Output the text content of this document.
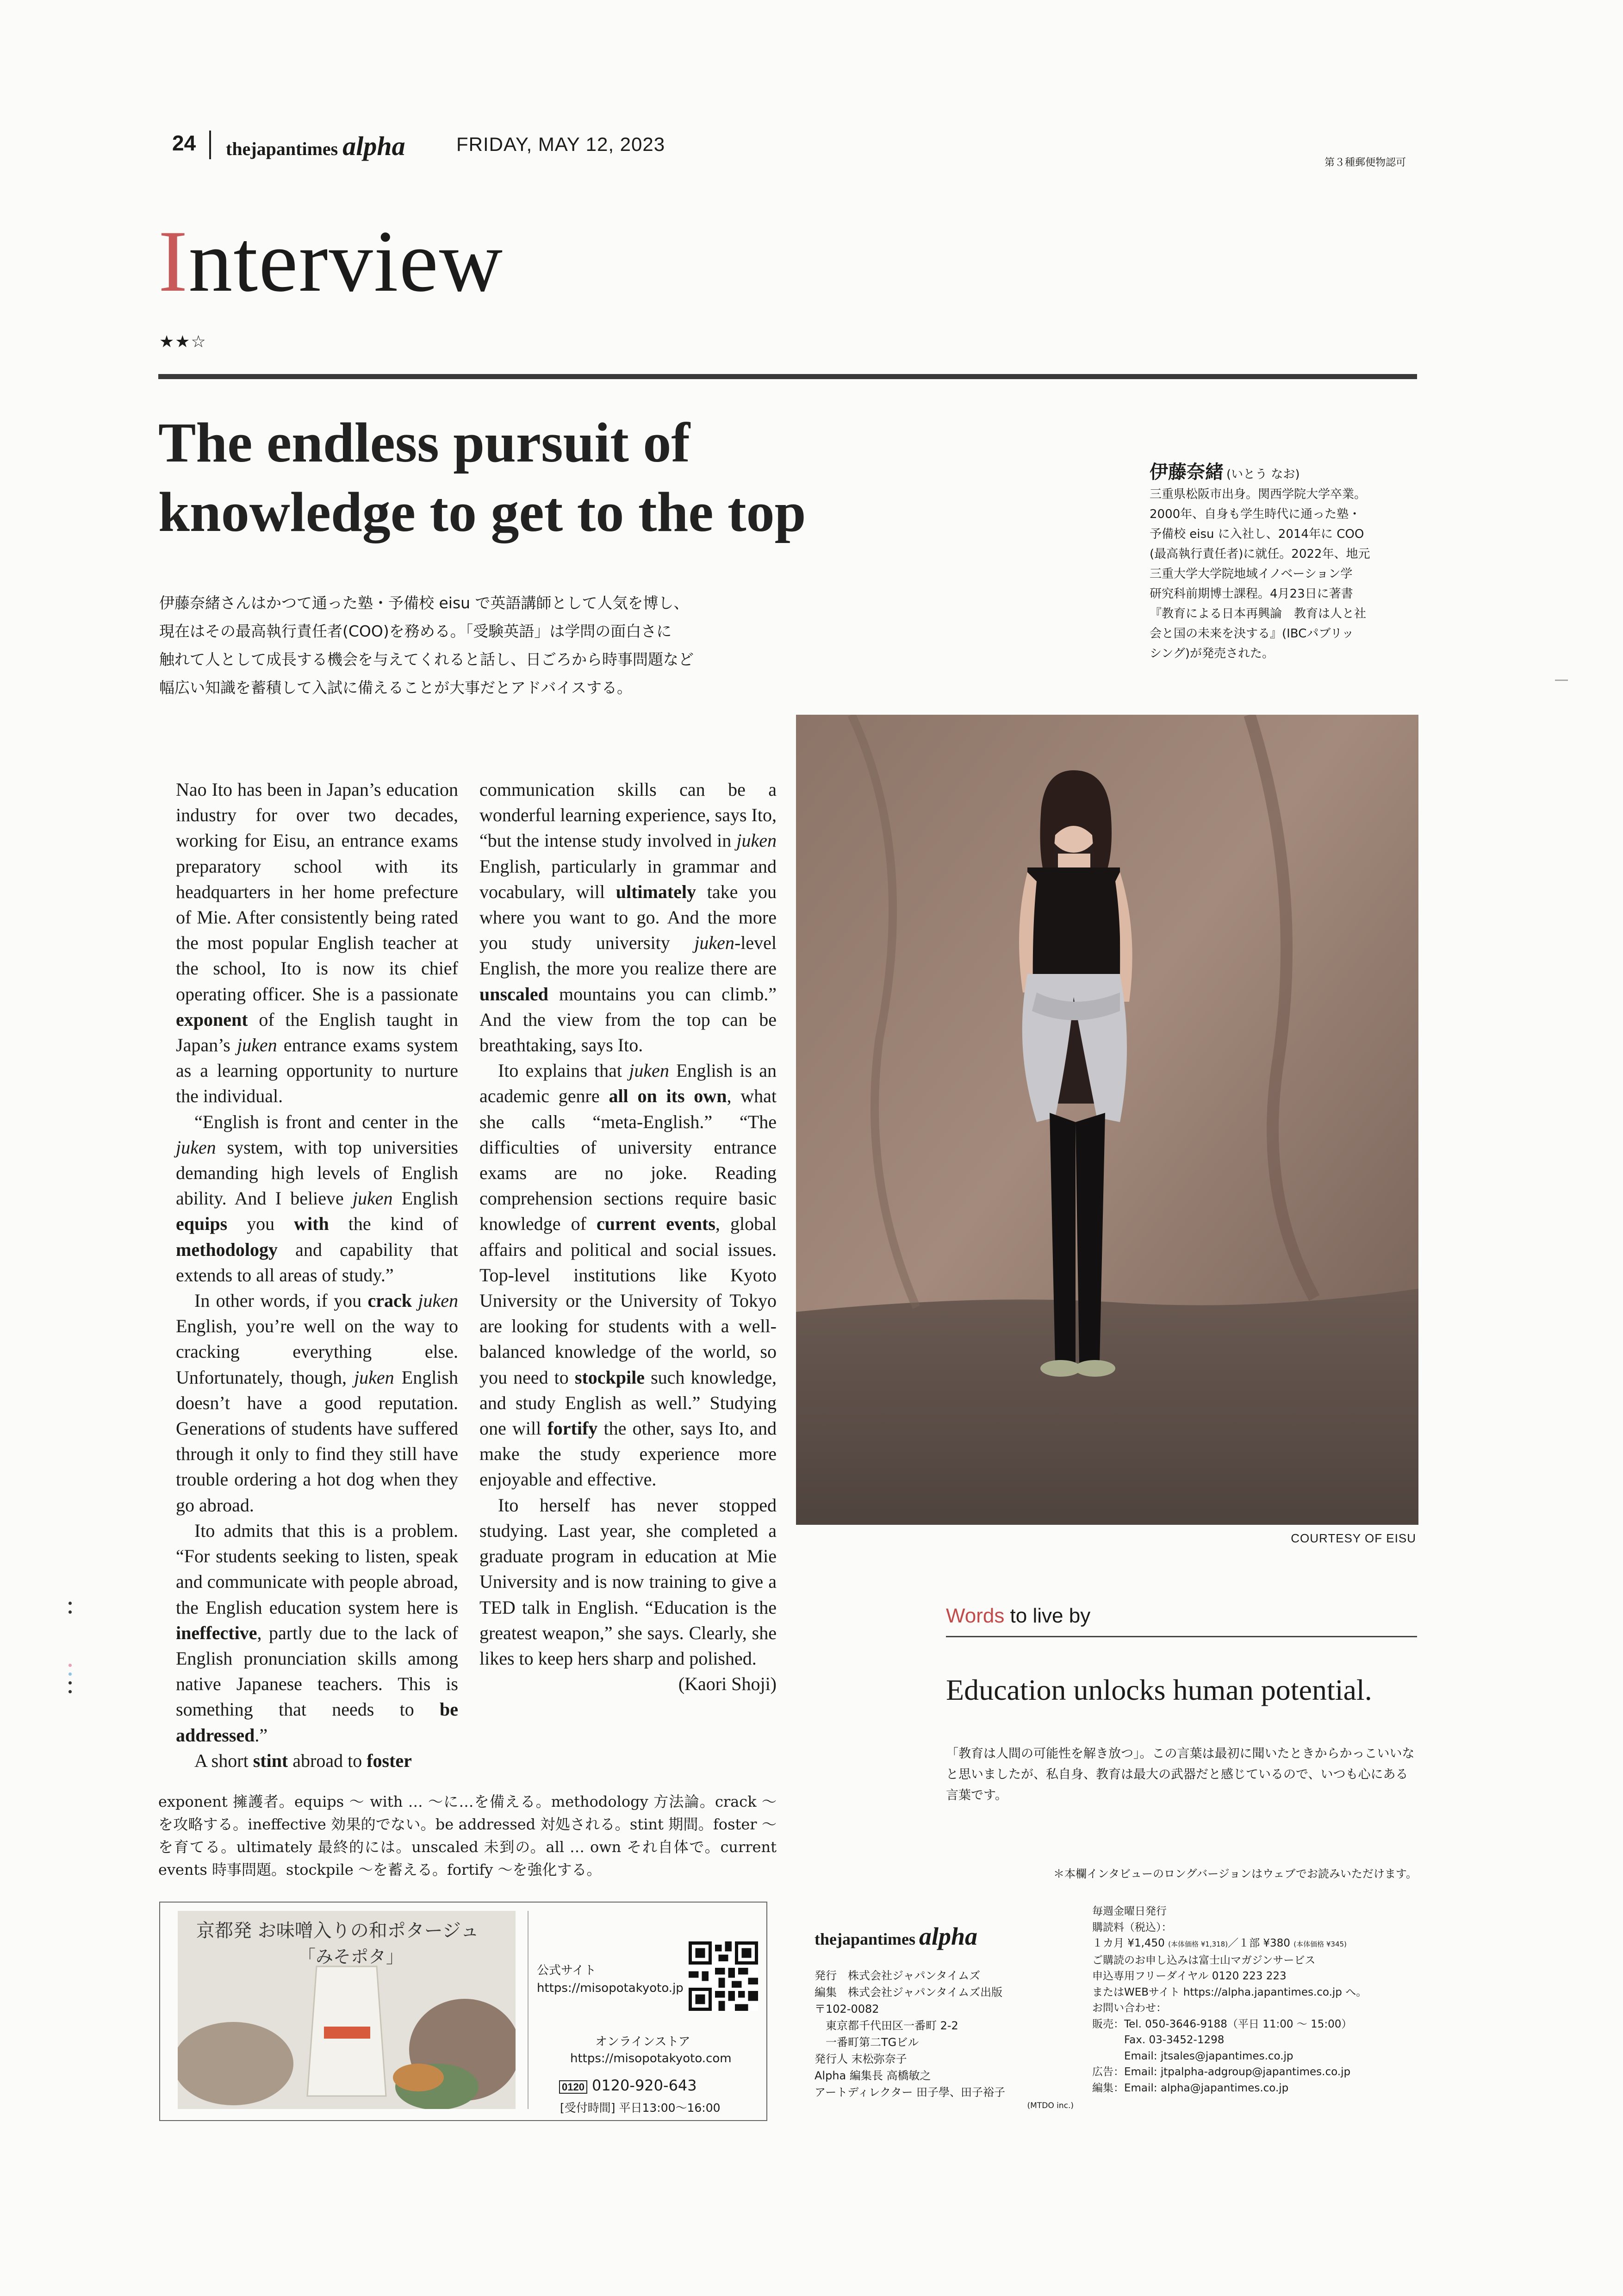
24 thejapantimes alpha	FRIDAY, MAY 12, 2023
第３種郵便物認可
Interview
★★☆
The endless pursuit of
knowledge to get to the top
伊藤奈緒さんはかつて通った塾・予備校 eisu で英語講師として人気を博し、
現在はその最高執行責任者(COO)を務める。「受験英語」は学問の面白さに
触れて人として成長する機会を与えてくれると話し、日ごろから時事問題など
幅広い知識を蓄積して入試に備えることが大事だとアドバイスする。
伊藤奈緒 (いとう なお)
三重県松阪市出身。関西学院大学卒業。
2000年、自身も学生時代に通った塾・
予備校 eisu に入社し、2014年に COO
(最高執行責任者)に就任。2022年、地元
三重大学大学院地域イノベーション学
研究科前期博士課程。4月23日に著書
『教育による日本再興論　教育は人と社
会と国の未来を決する』(IBCパブリッ
シング)が発売された。
COURTESY OF EISU

Nao Ito has been in Japan’s education industry for over two decades, working for Eisu, an entrance exams preparatory school with its headquarters in her home prefecture of Mie. After consistently being rated the most popular English teacher at the school, Ito is now its chief operating officer. She is a passionate exponent of the English taught in Japan’s juken entrance exams system as a learning opportunity to nurture the individual.

“English is front and center in the juken system, with top universities demanding high levels of English ability. And I believe juken English equips you with the kind of methodology and capability that extends to all areas of study.”

In other words, if you crack juken English, you’re well on the way to cracking everything else. Unfortunately, though, juken English doesn’t have a good reputation. Generations of students have suffered through it only to find they still have trouble ordering a hot dog when they go abroad.

Ito admits that this is a problem. “For students seeking to listen, speak and communicate with people abroad, the English education system here is ineffective, partly due to the lack of English pronunciation skills among native Japanese teachers. This is something that needs to be addressed.”

A short stint abroad to foster

communication skills can be a wonderful learning experience, says Ito, “but the intense study involved in juken English, particularly in grammar and vocabulary, will ultimately take you where you want to go. And the more you study university juken-level English, the more you realize there are unscaled mountains you can climb.” And the view from the top can be breathtaking, says Ito.

Ito explains that juken English is an academic genre all on its own, what she calls “meta-English.” “The difficulties of university entrance exams are no joke. Reading comprehension sections require basic knowledge of current events, global affairs and political and social issues. Top-level institutions like Kyoto University or the University of Tokyo are looking for students with a well-balanced knowledge of the world, so you need to stockpile such knowledge, and study English as well.” Studying one will fortify the other, says Ito, and make the study experience more enjoyable and effective.

Ito herself has never stopped studying. Last year, she completed a graduate program in education at Mie University and is now training to give a TED talk in English. “Education is the greatest weapon,” she says. Clearly, she likes to keep hers sharp and polished.

(Kaori Shoji)
Words to live by
Education unlocks human potential.
「教育は人間の可能性を解き放つ」。この言葉は最初に聞いたときからかっこいいなと思いましたが、私自身、教育は最大の武器だと感じているので、いつも心にある言葉です。
exponent 擁護者。equips ～ with … ～に…を備える。methodology 方法論。crack ～を攻略する。ineffective 効果的でない。be addressed 対処される。stint 期間。foster ～を育てる。ultimately 最終的には。unscaled 未到の。all … own それ自体で。current events 時事問題。stockpile ～を蓄える。fortify ～を強化する。	＊本欄インタビューのロングバージョンはウェブでお読みいただけます。
京都発 お味噌入りの和ポタージュ
「みそポタ」
公式サイト
https://misopotakyoto.jp
オンラインストア
https://misopotakyoto.com
0120 0120-920-643
[受付時間] 平日13:00〜16:00
thejapantimes alpha
発行　株式会社ジャパンタイムズ
編集　株式会社ジャパンタイムズ出版
〒102-0082
　東京都千代田区一番町 2-2
　一番町第二TGビル
発行人 末松弥奈子
Alpha 編集長 高橋敏之
アートディレクター 田子學、田子裕子
(MTDO inc.)
毎週金曜日発行
購読料（税込）：
１カ月 ¥1,450 (本体価格 ¥1,318)／１部 ¥380 (本体価格 ¥345)
ご購読のお申し込みは富士山マガジンサービス
申込専用フリーダイヤル 0120 223 223
またはWEBサイト https://alpha.japantimes.co.jp へ。
お問い合わせ：
販売：Tel. 050-3646-9188（平日 11:00 〜 15:00）
　　　Fax. 03-3452-1298
　　　Email: jtsales@japantimes.co.jp
広告：Email: jtpalpha-adgroup@japantimes.co.jp
編集：Email: alpha@japantimes.co.jp
